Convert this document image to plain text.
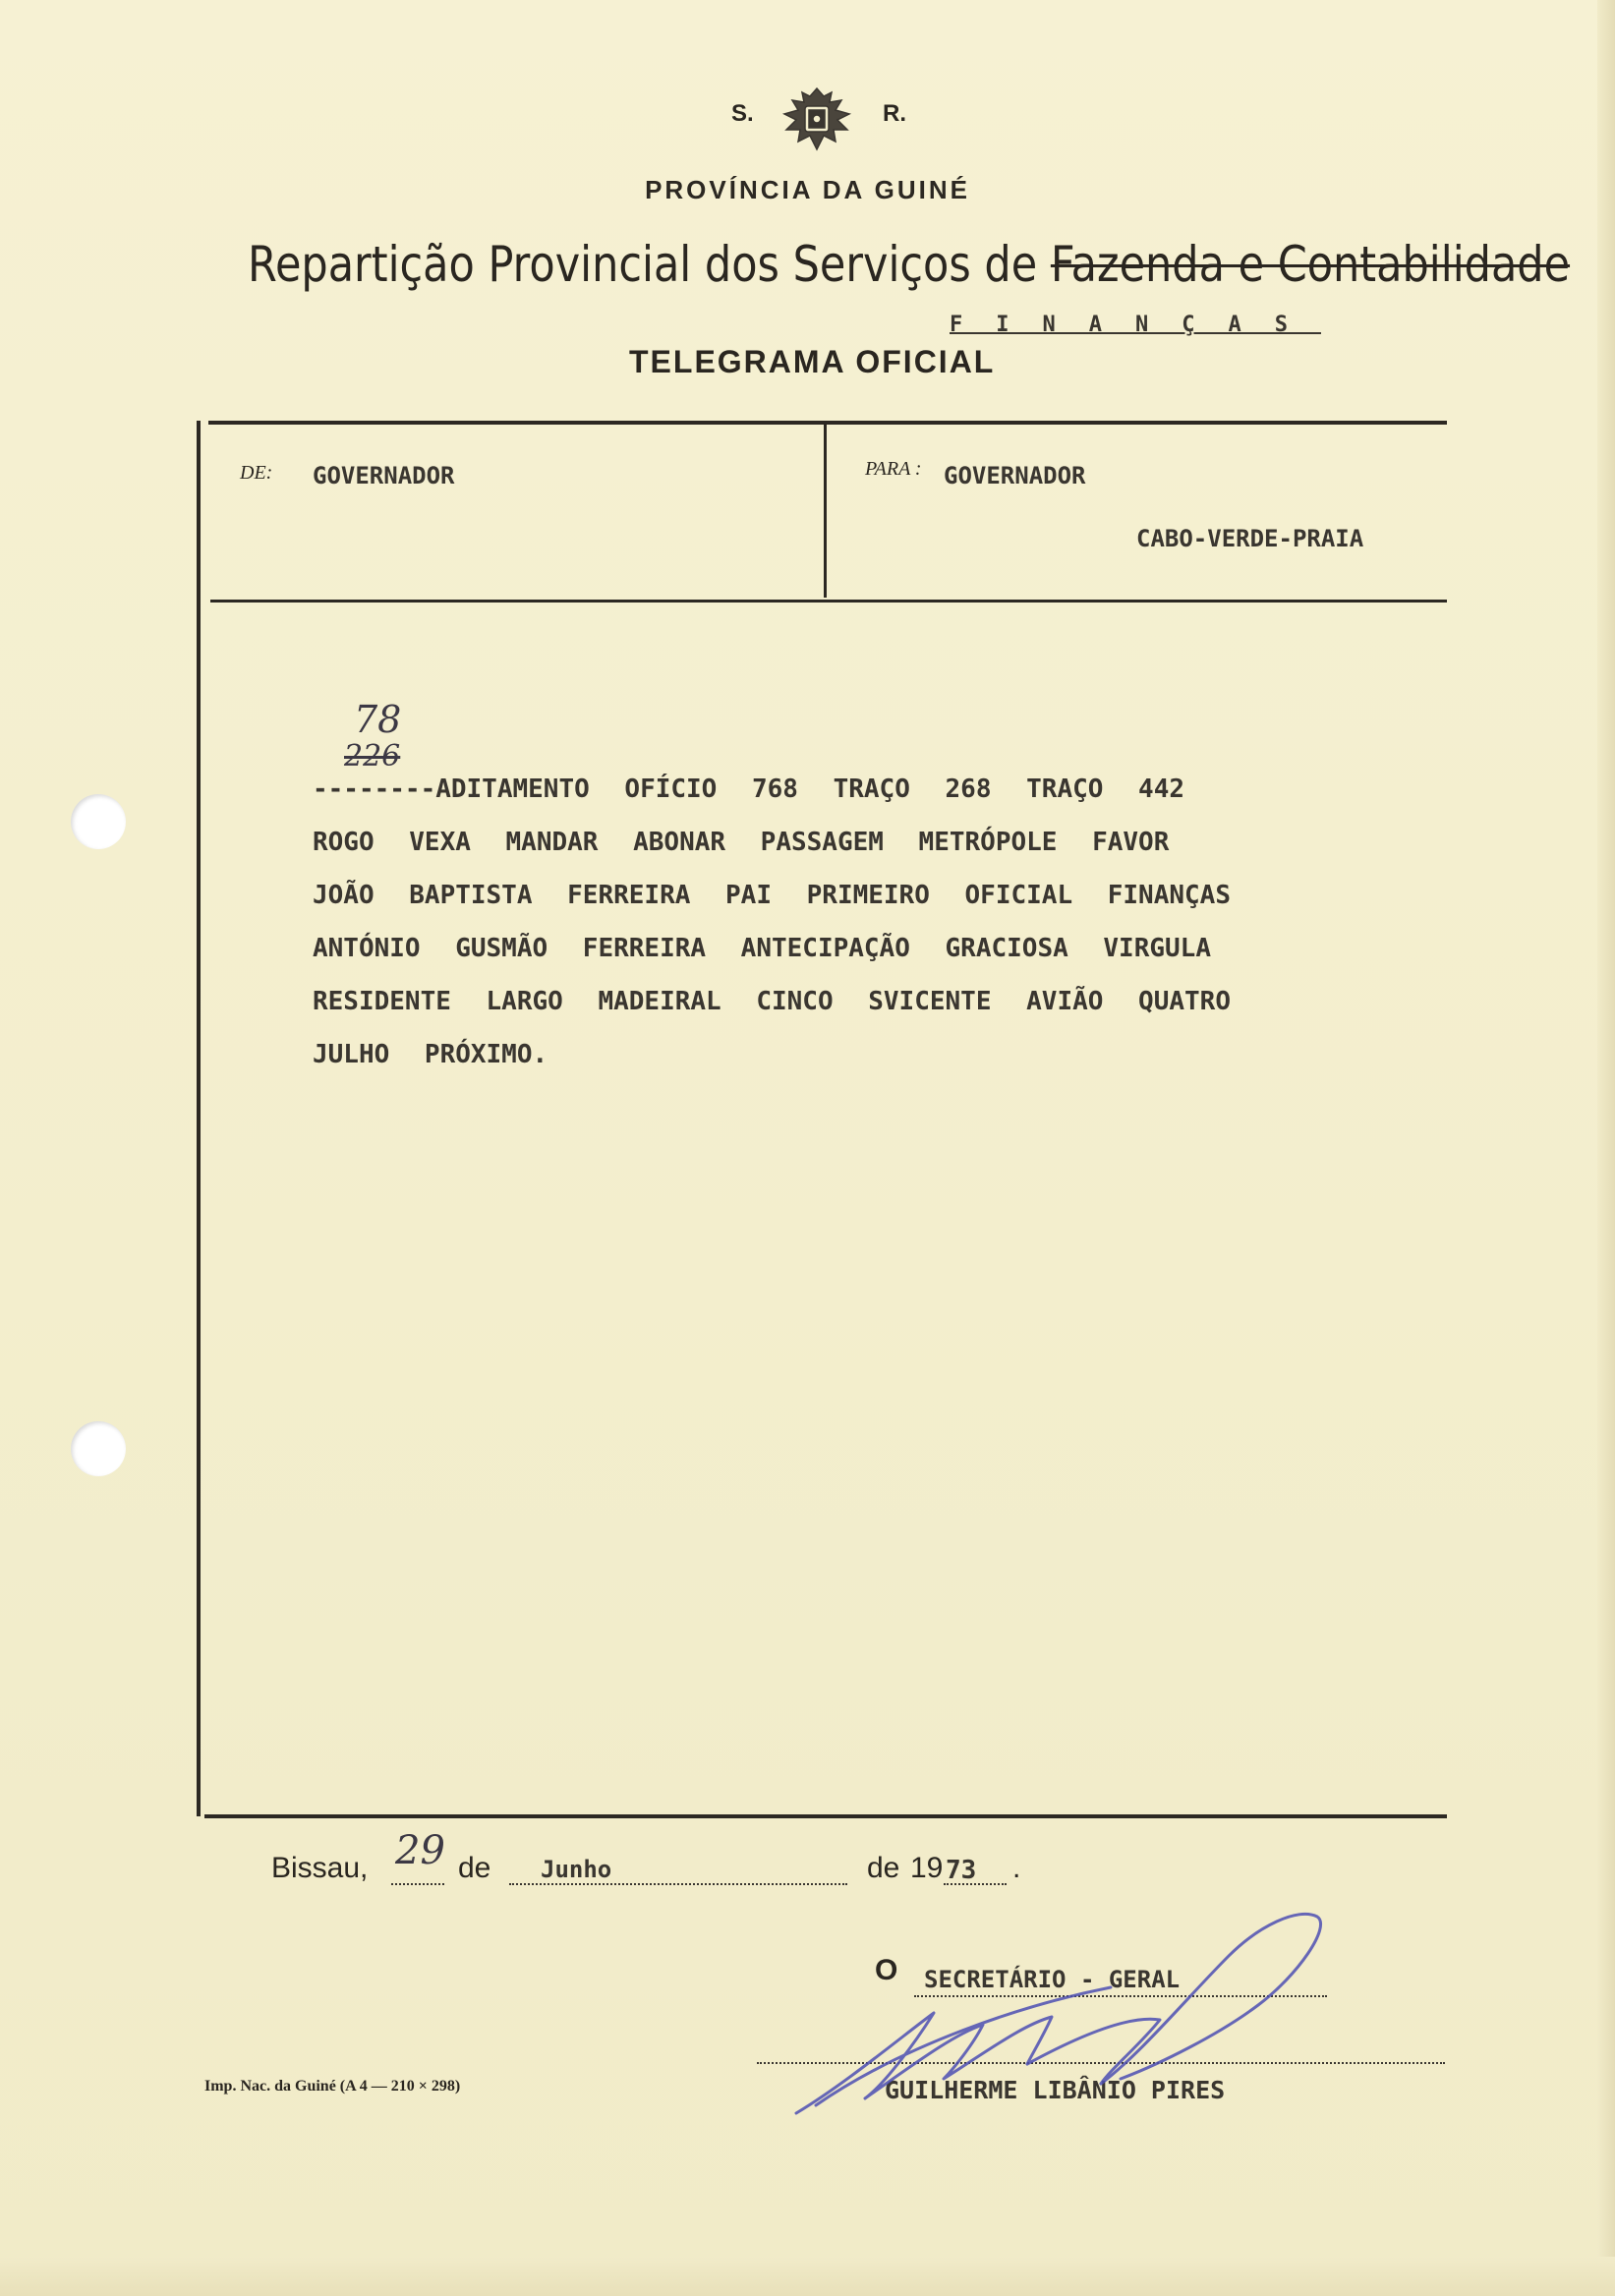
S.	R.
PROVÍNCIA DA GUINÉ
Repartição Provincial dos Serviços de Fazenda e Contabilidade
FINANÇAS
TELEGRAMA OFICIAL
DE: GOVERNADOR	PARA : GOVERNADOR
CABO-VERDE-PRAIA
78
226
--------ADITAMENTO OFÍCIO 768 TRAÇO 268 TRAÇO 442
ROGO VEXA MANDAR ABONAR PASSAGEM METRÓPOLE FAVOR
JOÃO BAPTISTA FERREIRA PAI PRIMEIRO OFICIAL FINANÇAS
ANTÓNIO GUSMÃO FERREIRA ANTECIPAÇÃO GRACIOSA VIRGULA
RESIDENTE LARGO MADEIRAL CINCO SVICENTE AVIÃO QUATRO
JULHO PRÓXIMO.
Bissau, 29 de Junho	de 19 73 .
O SECRETÁRIO - GERAL
GUILHERME LIBÂNIO PIRES
Imp. Nac. da Guiné (A 4 — 210 × 298)
